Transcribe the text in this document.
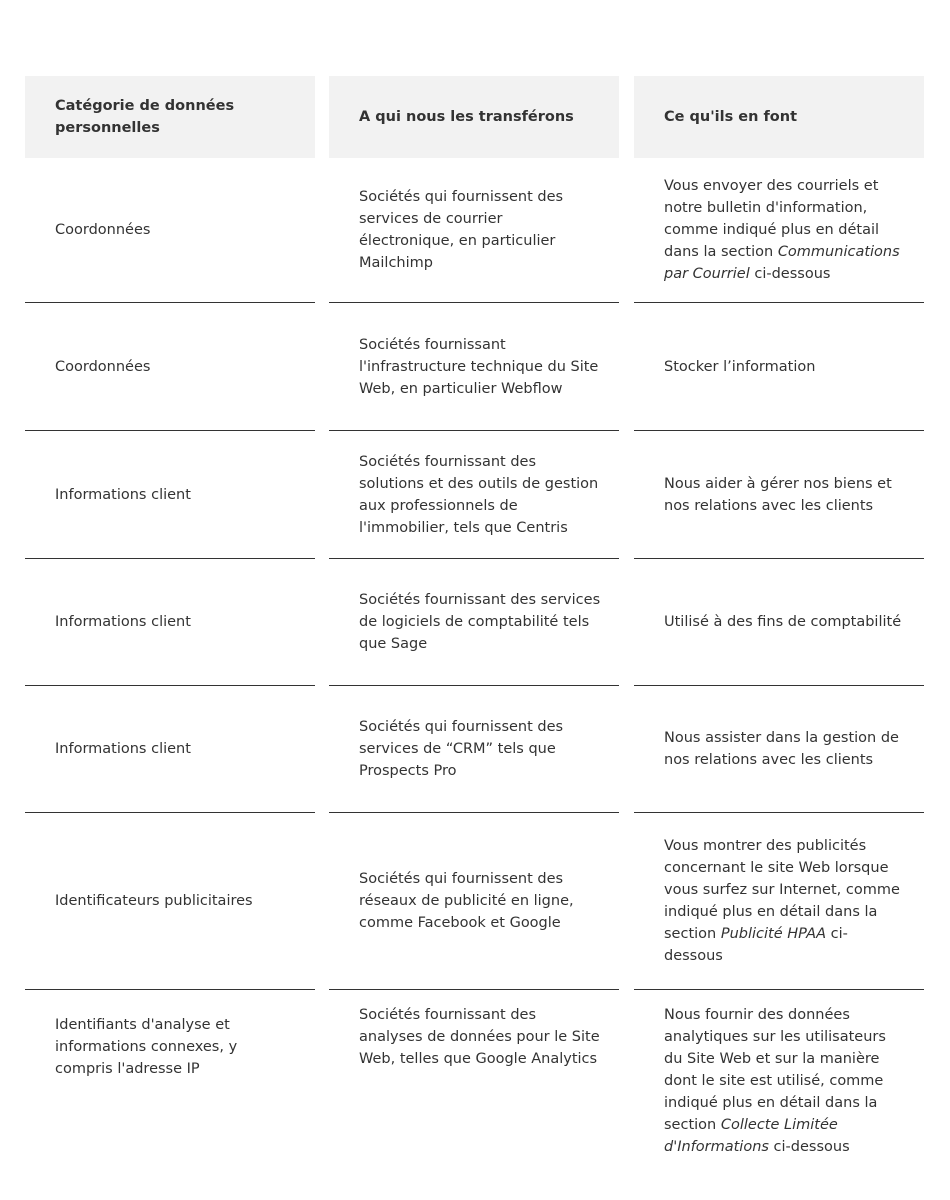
Catégorie de données personnelles
A qui nous les transférons	Ce qu'ils en font
Coordonnées
Sociétés qui fournissent des services de courrier électronique, en particulier Mailchimp
Vous envoyer des courriels et notre bulletin d'information, comme indiqué plus en détail dans la section Communications par Courriel ci-dessous
Coordonnées
Sociétés fournissant l'infrastructure technique du Site Web, en particulier Webflow
Stocker l’information
Informations client
Sociétés fournissant des solutions et des outils de gestion aux professionnels de l'immobilier, tels que Centris
Nous aider à gérer nos biens et nos relations avec les clients
Informations client
Sociétés fournissant des services de logiciels de comptabilité tels que Sage
Utilisé à des fins de comptabilité
Informations client
Sociétés qui fournissent des services de “CRM” tels que Prospects Pro
Nous assister dans la gestion de nos relations avec les clients
Identificateurs publicitaires
Sociétés qui fournissent des réseaux de publicité en ligne, comme Facebook et Google
Vous montrer des publicités concernant le site Web lorsque vous surfez sur Internet, comme indiqué plus en détail dans la section Publicité HPAA ci-dessous
Identifiants d'analyse et informations connexes, y compris l'adresse IP
Sociétés fournissant des analyses de données pour le Site Web, telles que Google Analytics
Nous fournir des données analytiques sur les utilisateurs du Site Web et sur la manière dont le site est utilisé, comme indiqué plus en détail dans la section Collecte Limitée d'Informations ci-dessous
